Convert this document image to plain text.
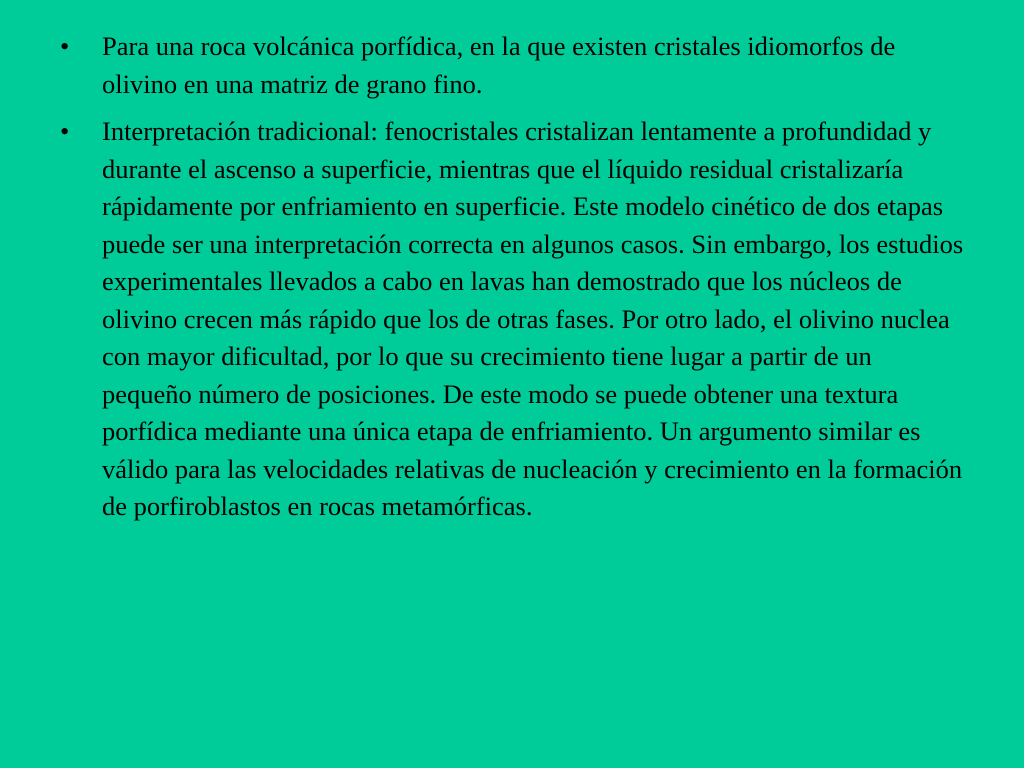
•	Para una roca volcánica porfídica, en la que existen cristales idiomorfos de olivino en una matriz de grano fino.
•	Interpretación tradicional: fenocristales cristalizan lentamente a profundidad y durante el ascenso a superficie, mientras que el líquido residual cristalizaría rápidamente por enfriamiento en superficie. Este modelo cinético de dos etapas puede ser una interpretación correcta en algunos casos. Sin embargo, los estudios experimentales llevados a cabo en lavas han demostrado que los núcleos de olivino crecen más rápido que los de otras fases. Por otro lado, el olivino nuclea con mayor dificultad, por lo que su crecimiento tiene lugar a partir de un pequeño número de posiciones. De este modo se puede obtener una textura porfídica mediante una única etapa de enfriamiento. Un argumento similar es válido para las velocidades relativas de nucleación y crecimiento en la formación de porfiroblastos en rocas metamórficas.
